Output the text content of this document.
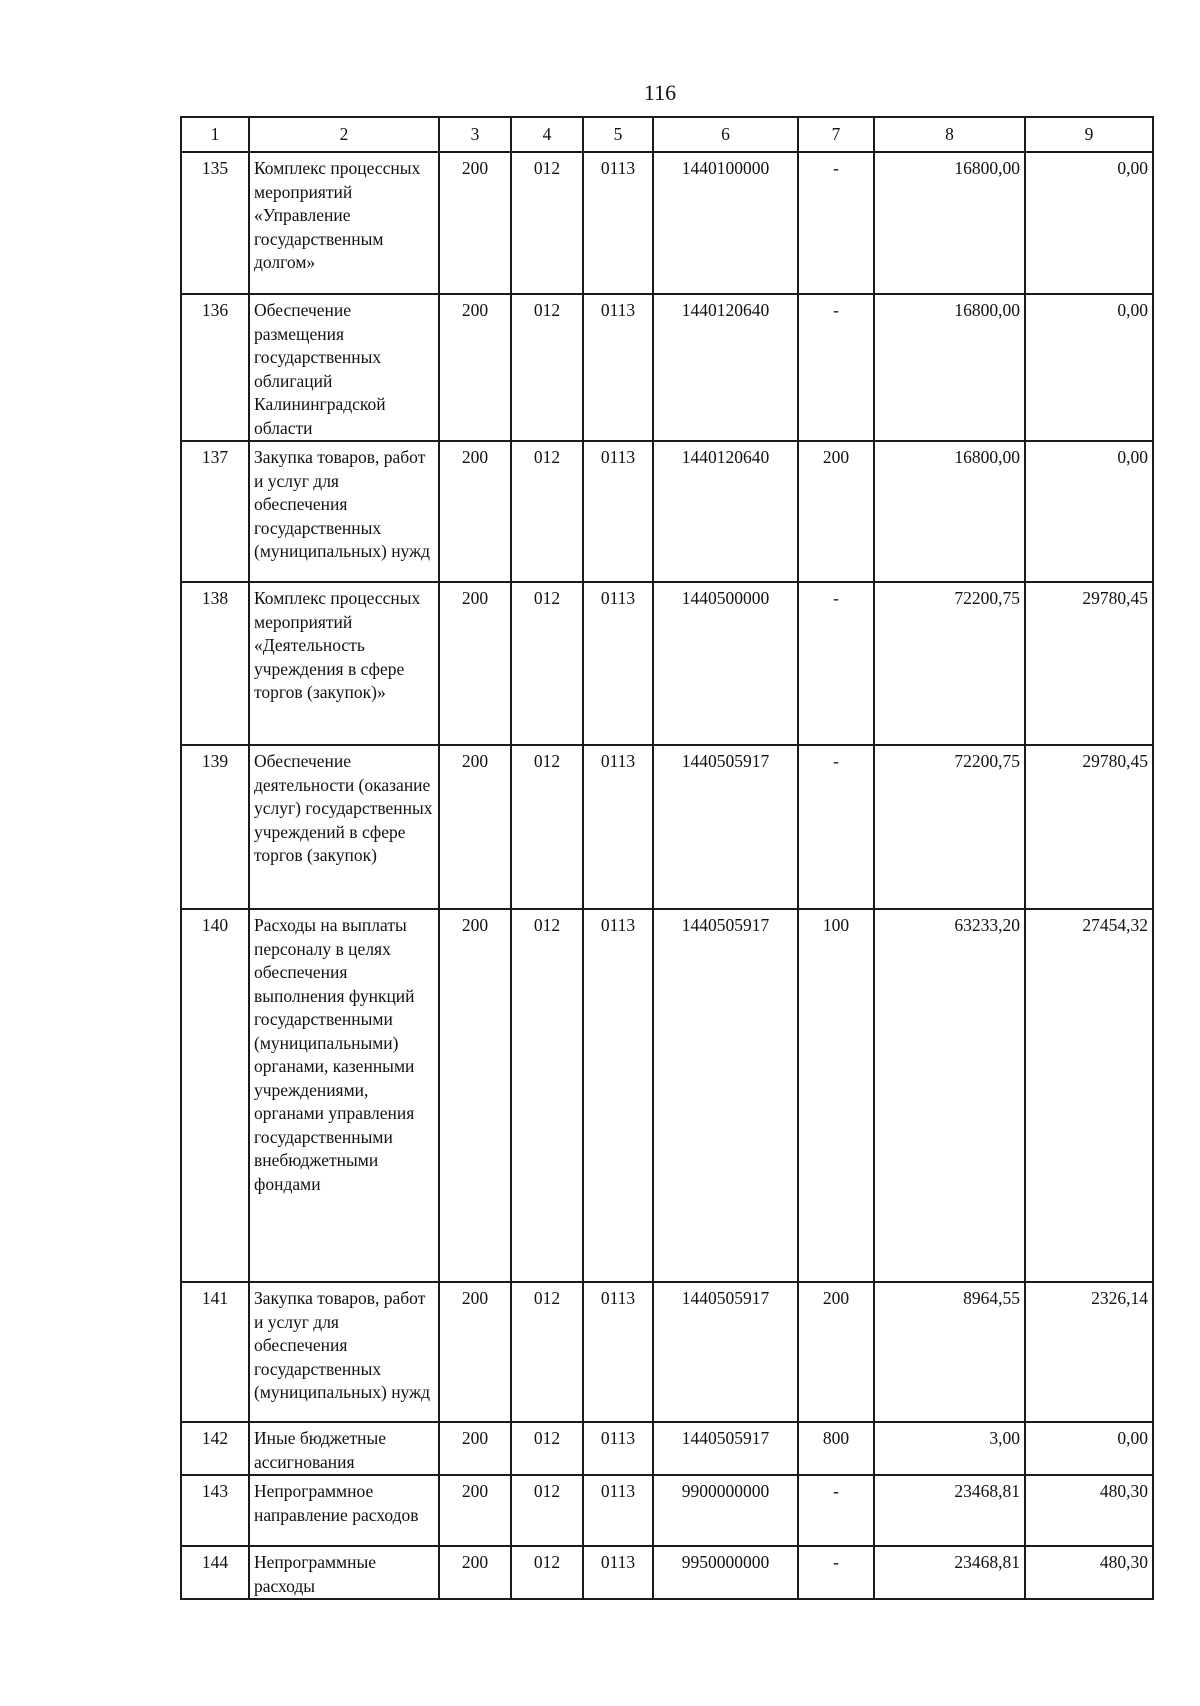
116
1	2	3	4	5	6	7	8	9
135	Комплекс процессных мероприятий «Управление государственным долгом»	200	012	0113	1440100000	-	16800,00	0,00
136	Обеспечение размещения государственных облигаций Калининградской области	200	012	0113	1440120640	-	16800,00	0,00
137	Закупка товаров, работ и услуг для обеспечения государственных (муниципальных) нужд	200	012	0113	1440120640	200	16800,00	0,00
138	Комплекс процессных мероприятий «Деятельность учреждения в сфере торгов (закупок)»	200	012	0113	1440500000	-	72200,75	29780,45
139	Обеспечение деятельности (оказание услуг) государственных учреждений в сфере торгов (закупок)	200	012	0113	1440505917	-	72200,75	29780,45
140	Расходы на выплаты персоналу в целях обеспечения выполнения функций государственными (муниципальными) органами, казенными учреждениями, органами управления государственными внебюджетными фондами	200	012	0113	1440505917	100	63233,20	27454,32
141	Закупка товаров, работ и услуг для обеспечения государственных (муниципальных) нужд	200	012	0113	1440505917	200	8964,55	2326,14
142	Иные бюджетные ассигнования	200	012	0113	1440505917	800	3,00	0,00
143	Непрограммное направление расходов	200	012	0113	9900000000	-	23468,81	480,30
144	Непрограммные расходы	200	012	0113	9950000000	-	23468,81	480,30
